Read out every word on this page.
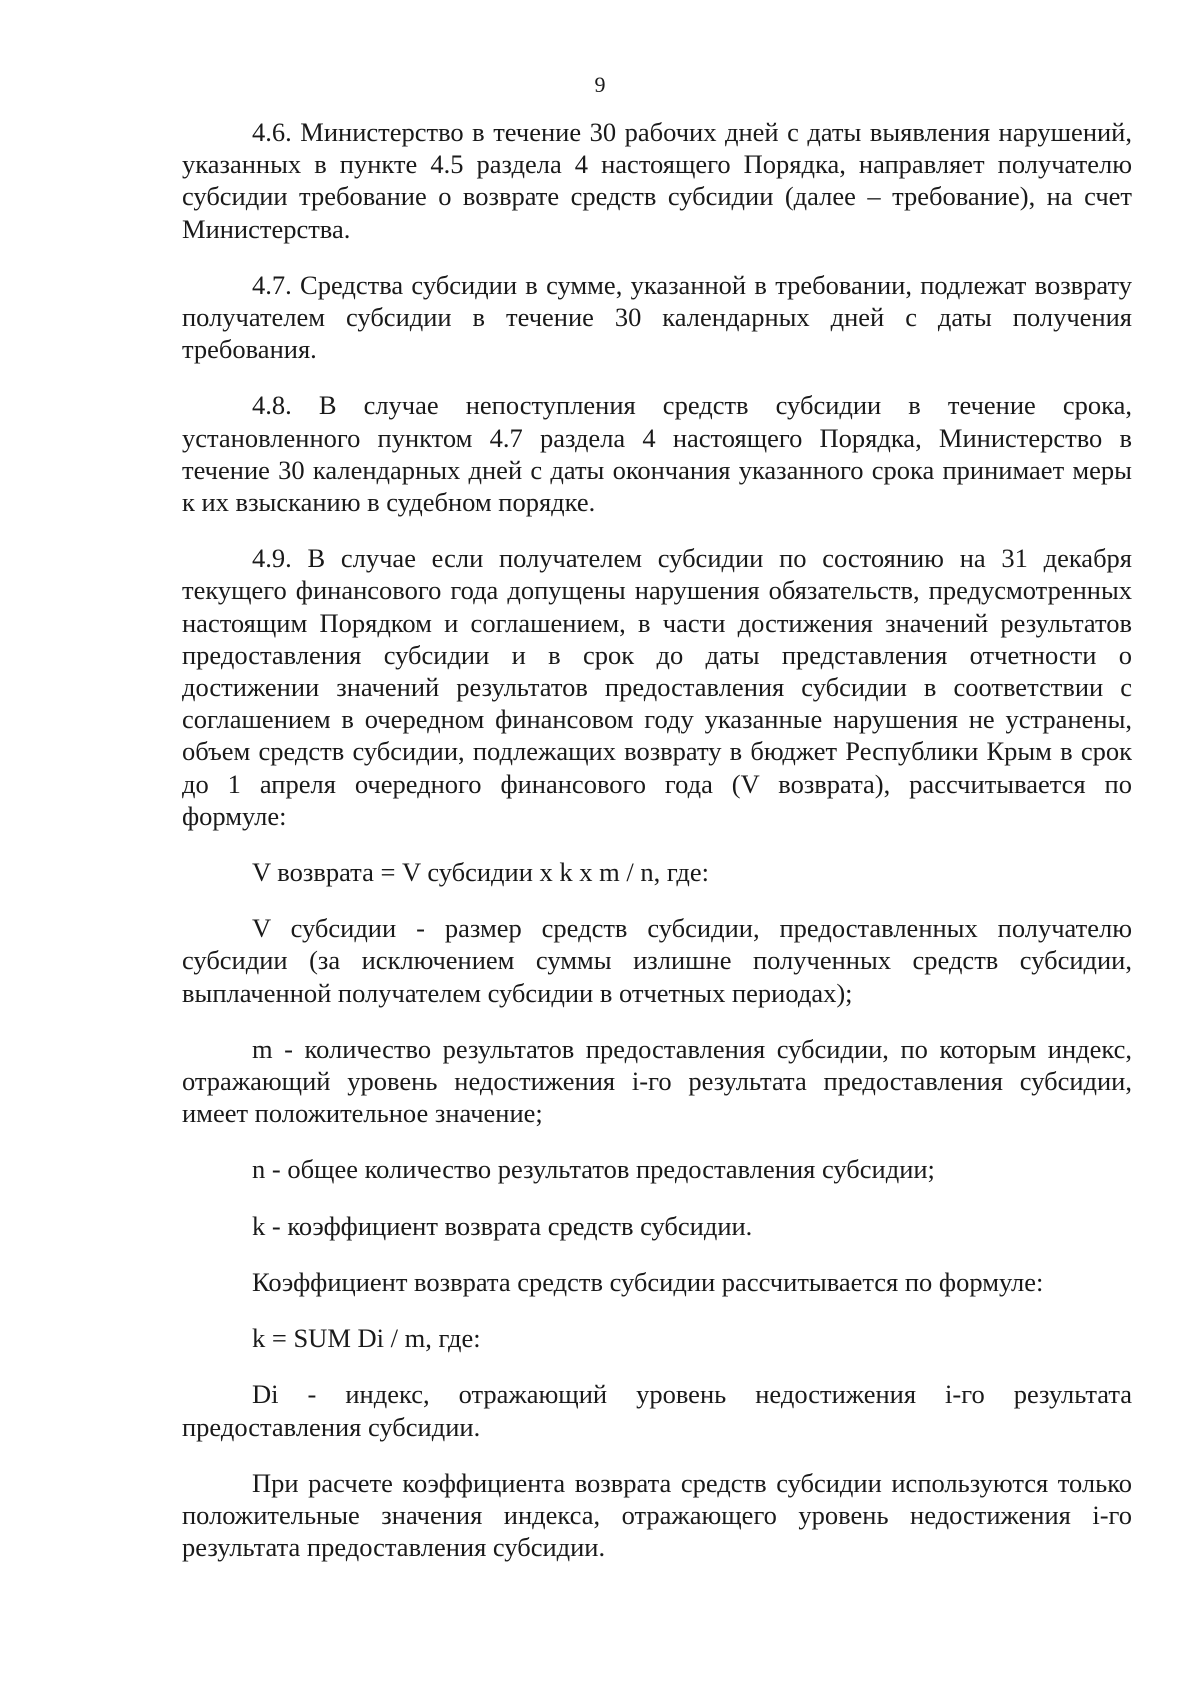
9

4.6. Министерство в течение 30 рабочих дней с даты выявления нарушений, указанных в пункте 4.5 раздела 4 настоящего Порядка, направляет получателю субсидии требование о возврате средств субсидии (далее – требование), на счет Министерства.

4.7. Средства субсидии в сумме, указанной в требовании, подлежат возврату получателем субсидии в течение 30 календарных дней с даты получения требования.

4.8. В случае непоступления средств субсидии в течение срока, установленного пунктом 4.7 раздела 4 настоящего Порядка, Министерство в течение 30 календарных дней с даты окончания указанного срока принимает меры к их взысканию в судебном порядке.

4.9. В случае если получателем субсидии по состоянию на 31 декабря текущего финансового года допущены нарушения обязательств, предусмотренных настоящим Порядком и соглашением, в части достижения значений результатов предоставления субсидии и в срок до даты представления отчетности о достижении значений результатов предоставления субсидии в соответствии с соглашением в очередном финансовом году указанные нарушения не устранены, объем средств субсидии, подлежащих возврату в бюджет Республики Крым в срок до 1 апреля очередного финансового года (V возврата), рассчитывается по формуле:

V возврата = V субсидии x k x m / n, где:

V субсидии - размер средств субсидии, предоставленных получателю субсидии (за исключением суммы излишне полученных средств субсидии, выплаченной получателем субсидии в отчетных периодах);

m - количество результатов предоставления субсидии, по которым индекс, отражающий уровень недостижения i-го результата предоставления субсидии, имеет положительное значение;

n - общее количество результатов предоставления субсидии;

k - коэффициент возврата средств субсидии.

Коэффициент возврата средств субсидии рассчитывается по формуле:

k = SUM Di / m, где:

Di - индекс, отражающий уровень недостижения i-го результата предоставления субсидии.

При расчете коэффициента возврата средств субсидии используются только положительные значения индекса, отражающего уровень недостижения i-го результата предоставления субсидии.
